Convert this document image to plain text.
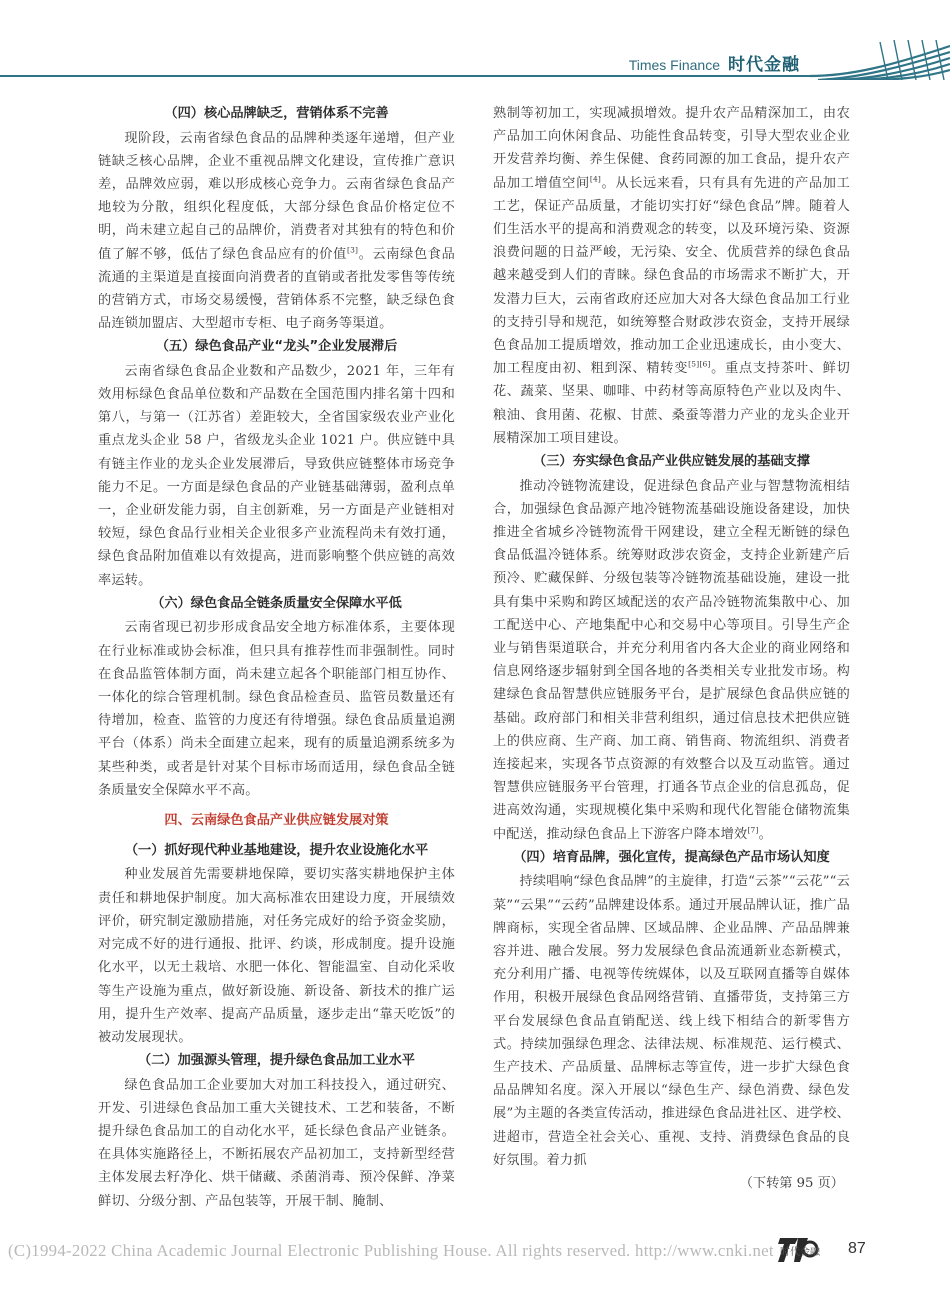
Times Finance 时代金融
（四）核心品牌缺乏，营销体系不完善

现阶段，云南省绿色食品的品牌种类逐年递增，但产业链缺乏核心品牌，企业不重视品牌文化建设，宣传推广意识差，品牌效应弱，难以形成核心竞争力。云南省绿色食品产地较为分散，组织化程度低，大部分绿色食品价格定位不明，尚未建立起自己的品牌价，消费者对其独有的特色和价值了解不够，低估了绿色食品应有的价值[3]。云南绿色食品流通的主渠道是直接面向消费者的直销或者批发零售等传统的营销方式，市场交易缓慢，营销体系不完整，缺乏绿色食品连锁加盟店、大型超市专柜、电子商务等渠道。

（五）绿色食品产业“龙头”企业发展滞后

云南省绿色食品企业数和产品数少，2021 年，三年有效用标绿色食品单位数和产品数在全国范围内排名第十四和第八，与第一（江苏省）差距较大，全省国家级农业产业化重点龙头企业 58 户，省级龙头企业 1021 户。供应链中具有链主作业的龙头企业发展滞后，导致供应链整体市场竞争能力不足。一方面是绿色食品的产业链基础薄弱，盈利点单一，企业研发能力弱，自主创新难，另一方面是产业链相对较短，绿色食品行业相关企业很多产业流程尚未有效打通，绿色食品附加值难以有效提高，进而影响整个供应链的高效率运转。

（六）绿色食品全链条质量安全保障水平低

云南省现已初步形成食品安全地方标准体系，主要体现在行业标准或协会标准，但只具有推荐性而非强制性。同时在食品监管体制方面，尚未建立起各个职能部门相互协作、一体化的综合管理机制。绿色食品检查员、监管员数量还有待增加，检查、监管的力度还有待增强。绿色食品质量追溯平台（体系）尚未全面建立起来，现有的质量追溯系统多为某些种类，或者是针对某个目标市场而适用，绿色食品全链条质量安全保障水平不高。

四、云南绿色食品产业供应链发展对策
（一）抓好现代种业基地建设，提升农业设施化水平

种业发展首先需要耕地保障，要切实落实耕地保护主体责任和耕地保护制度。加大高标准农田建设力度，开展绩效评价，研究制定激励措施，对任务完成好的给予资金奖励，对完成不好的进行通报、批评、约谈，形成制度。提升设施化水平，以无土栽培、水肥一体化、智能温室、自动化采收等生产设施为重点，做好新设施、新设备、新技术的推广运用，提升生产效率、提高产品质量，逐步走出“靠天吃饭”的被动发展现状。

（二）加强源头管理，提升绿色食品加工业水平

绿色食品加工企业要加大对加工科技投入，通过研究、开发、引进绿色食品加工重大关键技术、工艺和装备，不断提升绿色食品加工的自动化水平，延长绿色食品产业链条。在具体实施路径上，不断拓展农产品初加工，支持新型经营主体发展去籽净化、烘干储藏、杀菌消毒、预冷保鲜、净菜鲜切、分级分割、产品包装等，开展干制、腌制、

熟制等初加工，实现减损增效。提升农产品精深加工，由农产品加工向休闲食品、功能性食品转变，引导大型农业企业开发营养均衡、养生保健、食药同源的加工食品，提升农产品加工增值空间[4]。从长远来看，只有具有先进的产品加工工艺，保证产品质量，才能切实打好“绿色食品”牌。随着人们生活水平的提高和消费观念的转变，以及环境污染、资源浪费问题的日益严峻，无污染、安全、优质营养的绿色食品越来越受到人们的青睐。绿色食品的市场需求不断扩大，开发潜力巨大，云南省政府还应加大对各大绿色食品加工行业的支持引导和规范，如统筹整合财政涉农资金，支持开展绿色食品加工提质增效，推动加工企业迅速成长，由小变大、加工程度由初、粗到深、精转变[5][6]。重点支持茶叶、鲜切花、蔬菜、坚果、咖啡、中药材等高原特色产业以及肉牛、粮油、食用菌、花椒、甘蔗、桑蚕等潜力产业的龙头企业开展精深加工项目建设。

（三）夯实绿色食品产业供应链发展的基础支撑

推动冷链物流建设，促进绿色食品产业与智慧物流相结合，加强绿色食品源产地冷链物流基础设施设备建设，加快推进全省城乡冷链物流骨干网建设，建立全程无断链的绿色食品低温冷链体系。统筹财政涉农资金，支持企业新建产后预冷、贮藏保鲜、分级包装等冷链物流基础设施，建设一批具有集中采购和跨区域配送的农产品冷链物流集散中心、加工配送中心、产地集配中心和交易中心等项目。引导生产企业与销售渠道联合，并充分利用省内各大企业的商业网络和信息网络逐步辐射到全国各地的各类相关专业批发市场。构建绿色食品智慧供应链服务平台，是扩展绿色食品供应链的基础。政府部门和相关非营利组织，通过信息技术把供应链上的供应商、生产商、加工商、销售商、物流组织、消费者连接起来，实现各节点资源的有效整合以及互动监管。通过智慧供应链服务平台管理，打通各节点企业的信息孤岛，促进高效沟通，实现规模化集中采购和现代化智能仓储物流集中配送，推动绿色食品上下游客户降本增效[7]。

（四）培育品牌，强化宣传，提高绿色产品市场认知度

持续唱响“绿色食品牌”的主旋律，打造“云茶”“云花”“云菜”“云果”“云药”品牌建设体系。通过开展品牌认证，推广品牌商标，实现全省品牌、区域品牌、企业品牌、产品品牌兼容并进、融合发展。努力发展绿色食品流通新业态新模式，充分利用广播、电视等传统媒体，以及互联网直播等自媒体作用，积极开展绿色食品网络营销、直播带货，支持第三方平台发展绿色食品直销配送、线上线下相结合的新零售方式。持续加强绿色理念、法律法规、标准规范、运行模式、生产技术、产品质量、品牌标志等宣传，进一步扩大绿色食品品牌知名度。深入开展以“绿色生产、绿色消费、绿色发展”为主题的各类宣传活动，推进绿色食品进社区、进学校、进超市，营造全社会关心、重视、支持、消费绿色食品的良好氛围。着力抓

（下转第 95 页）
(C)1994-2022 China Academic Journal Electronic Publishing House. All rights reserved. http://www.cnki.net 时代金融 87
